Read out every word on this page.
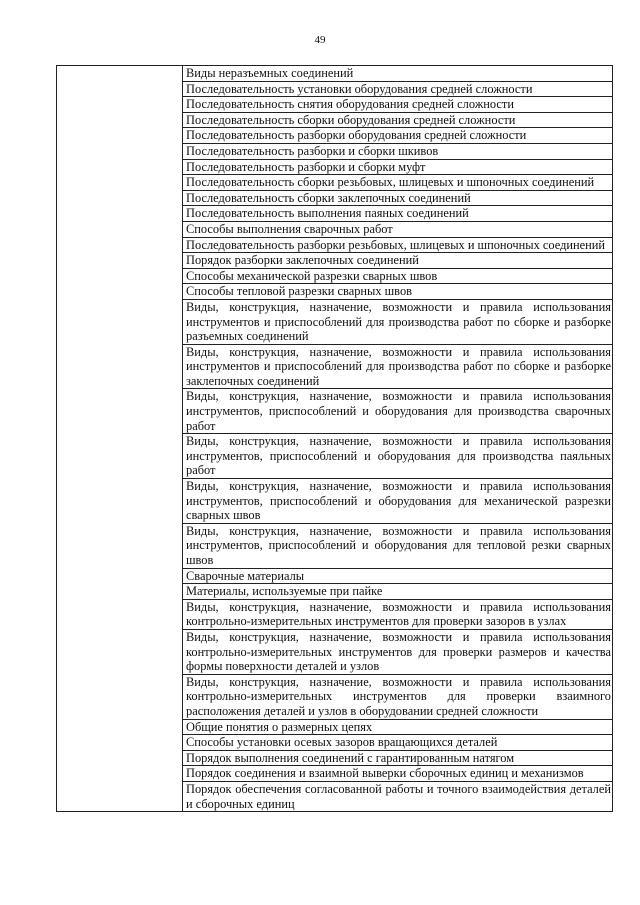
49
	Виды неразъемных соединений
Последовательность установки оборудования средней сложности
Последовательность снятия оборудования средней сложности
Последовательность сборки оборудования средней сложности
Последовательность разборки оборудования средней сложности
Последовательность разборки и сборки шкивов
Последовательность разборки и сборки муфт
Последовательность сборки резьбовых, шлицевых и шпоночных соединений
Последовательность сборки заклепочных соединений
Последовательность выполнения паяных соединений
Способы выполнения сварочных работ
Последовательность разборки резьбовых, шлицевых и шпоночных соединений
Порядок разборки заклепочных соединений
Способы механической разрезки сварных швов
Способы тепловой разрезки сварных швов
Виды, конструкция, назначение, возможности и правила использования инструментов и приспособлений для производства работ по сборке и разборке разъемных соединений
Виды, конструкция, назначение, возможности и правила использования инструментов и приспособлений для производства работ по сборке и разборке заклепочных соединений
Виды, конструкция, назначение, возможности и правила использования инструментов, приспособлений и оборудования для производства сварочных работ
Виды, конструкция, назначение, возможности и правила использования инструментов, приспособлений и оборудования для производства паяльных работ
Виды, конструкция, назначение, возможности и правила использования инструментов, приспособлений и оборудования для механической разрезки сварных швов
Виды, конструкция, назначение, возможности и правила использования инструментов, приспособлений и оборудования для тепловой резки сварных швов
Сварочные материалы
Материалы, используемые при пайке
Виды, конструкция, назначение, возможности и правила использования контрольно-измерительных инструментов для проверки зазоров в узлах
Виды, конструкция, назначение, возможности и правила использования контрольно-измерительных инструментов для проверки размеров и качества формы поверхности деталей и узлов
Виды, конструкция, назначение, возможности и правила использования контрольно-измерительных инструментов для проверки взаимного расположения деталей и узлов в оборудовании средней сложности
Общие понятия о размерных цепях
Способы установки осевых зазоров вращающихся деталей
Порядок выполнения соединений с гарантированным натягом
Порядок соединения и взаимной выверки сборочных единиц и механизмов
Порядок обеспечения согласованной работы и точного взаимодействия деталей и сборочных единиц
